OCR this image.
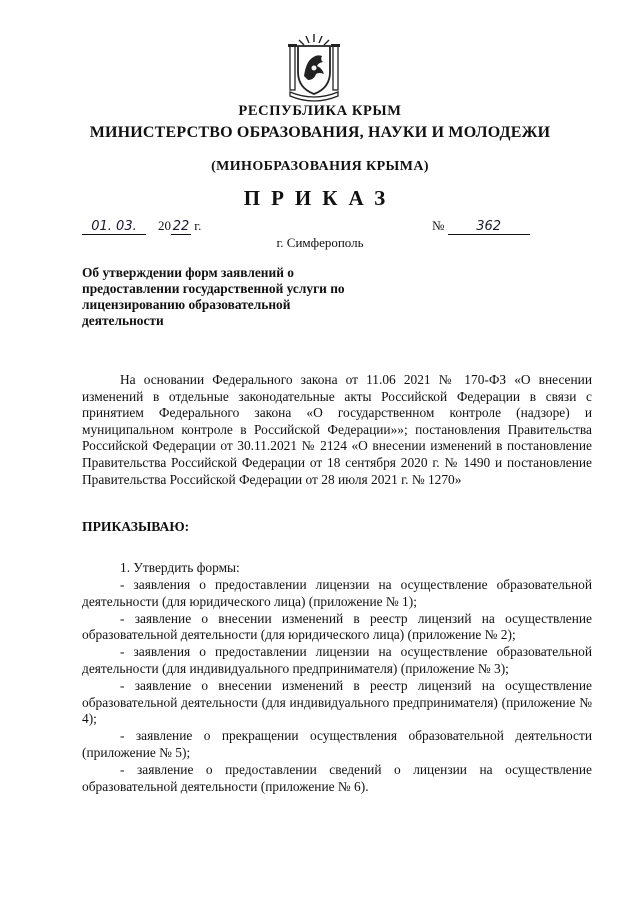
РЕСПУБЛИКА КРЫМ

МИНИСТЕРСТВО ОБРАЗОВАНИЯ, НАУКИ И МОЛОДЕЖИ

(МИНОБРАЗОВАНИЯ КРЫМА)

ПРИКАЗ

01. 03. 20 22 г.	№ 362

г. Симферополь

Об утверждении форм заявлений о предоставлении государственной услуги по лицензированию образовательной деятельности

На основании Федерального закона от 11.06 2021 № 170-ФЗ «О внесении изменений в отдельные законодательные акты Российской Федерации в связи с принятием Федерального закона «О государственном контроле (надзоре) и муниципальном контроле в Российской Федерации»»; постановления Правительства Российской Федерации от 30.11.2021 № 2124 «О внесении изменений в постановление Правительства Российской Федерации от 18 сентября 2020 г. № 1490 и постановление Правительства Российской Федерации от 28 июля 2021 г. № 1270»

ПРИКАЗЫВАЮ:

1. Утвердить формы:

- заявления о предоставлении лицензии на осуществление образовательной деятельности (для юридического лица) (приложение № 1);
- заявление о внесении изменений в реестр лицензий на осуществление образовательной деятельности (для юридического лица) (приложение № 2);
- заявления о предоставлении лицензии на осуществление образовательной деятельности (для индивидуального предпринимателя) (приложение № 3);
- заявление о внесении изменений в реестр лицензий на осуществление образовательной деятельности (для индивидуального предпринимателя) (приложение № 4);
- заявление о прекращении осуществления образовательной деятельности (приложение № 5);
- заявление о предоставлении сведений о лицензии на осуществление образовательной деятельности (приложение № 6).
